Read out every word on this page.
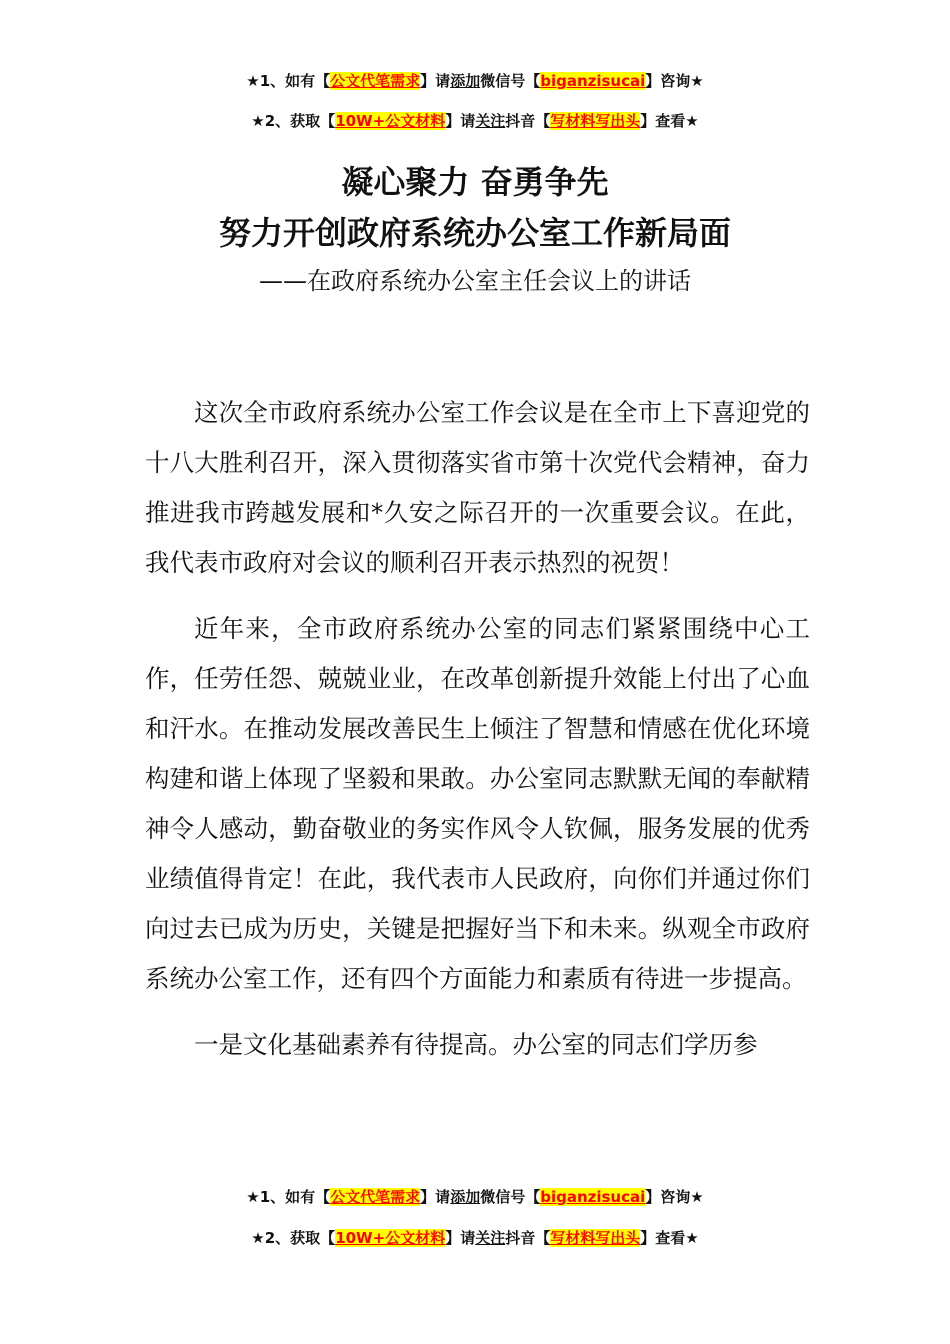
★1、如有【公文代笔需求】请添加微信号【biganzisucai】咨询★
★2、获取【10W+公文材料】请关注抖音【写材料写出头】查看★
凝心聚力 奋勇争先
努力开创政府系统办公室工作新局面
——在政府系统办公室主任会议上的讲话

这次全市政府系统办公室工作会议是在全市上下喜迎党的十八大胜利召开，深入贯彻落实省市第十次党代会精神，奋力推进我市跨越发展和*久安之际召开的一次重要会议。在此，我代表市政府对会议的顺利召开表示热烈的祝贺！

近年来，全市政府系统办公室的同志们紧紧围绕中心工作，任劳任怨、兢兢业业，在改革创新提升效能上付出了心血和汗水。在推动发展改善民生上倾注了智慧和情感在优化环境构建和谐上体现了坚毅和果敢。办公室同志默默无闻的奉献精神令人感动，勤奋敬业的务实作风令人钦佩，服务发展的优秀业绩值得肯定！在此，我代表市人民政府，向你们并通过你们向过去已成为历史，关键是把握好当下和未来。纵观全市政府系统办公室工作，还有四个方面能力和素质有待进一步提高。

一是文化基础素养有待提高。办公室的同志们学历参

★1、如有【公文代笔需求】请添加微信号【biganzisucai】咨询★
★2、获取【10W+公文材料】请关注抖音【写材料写出头】查看★
